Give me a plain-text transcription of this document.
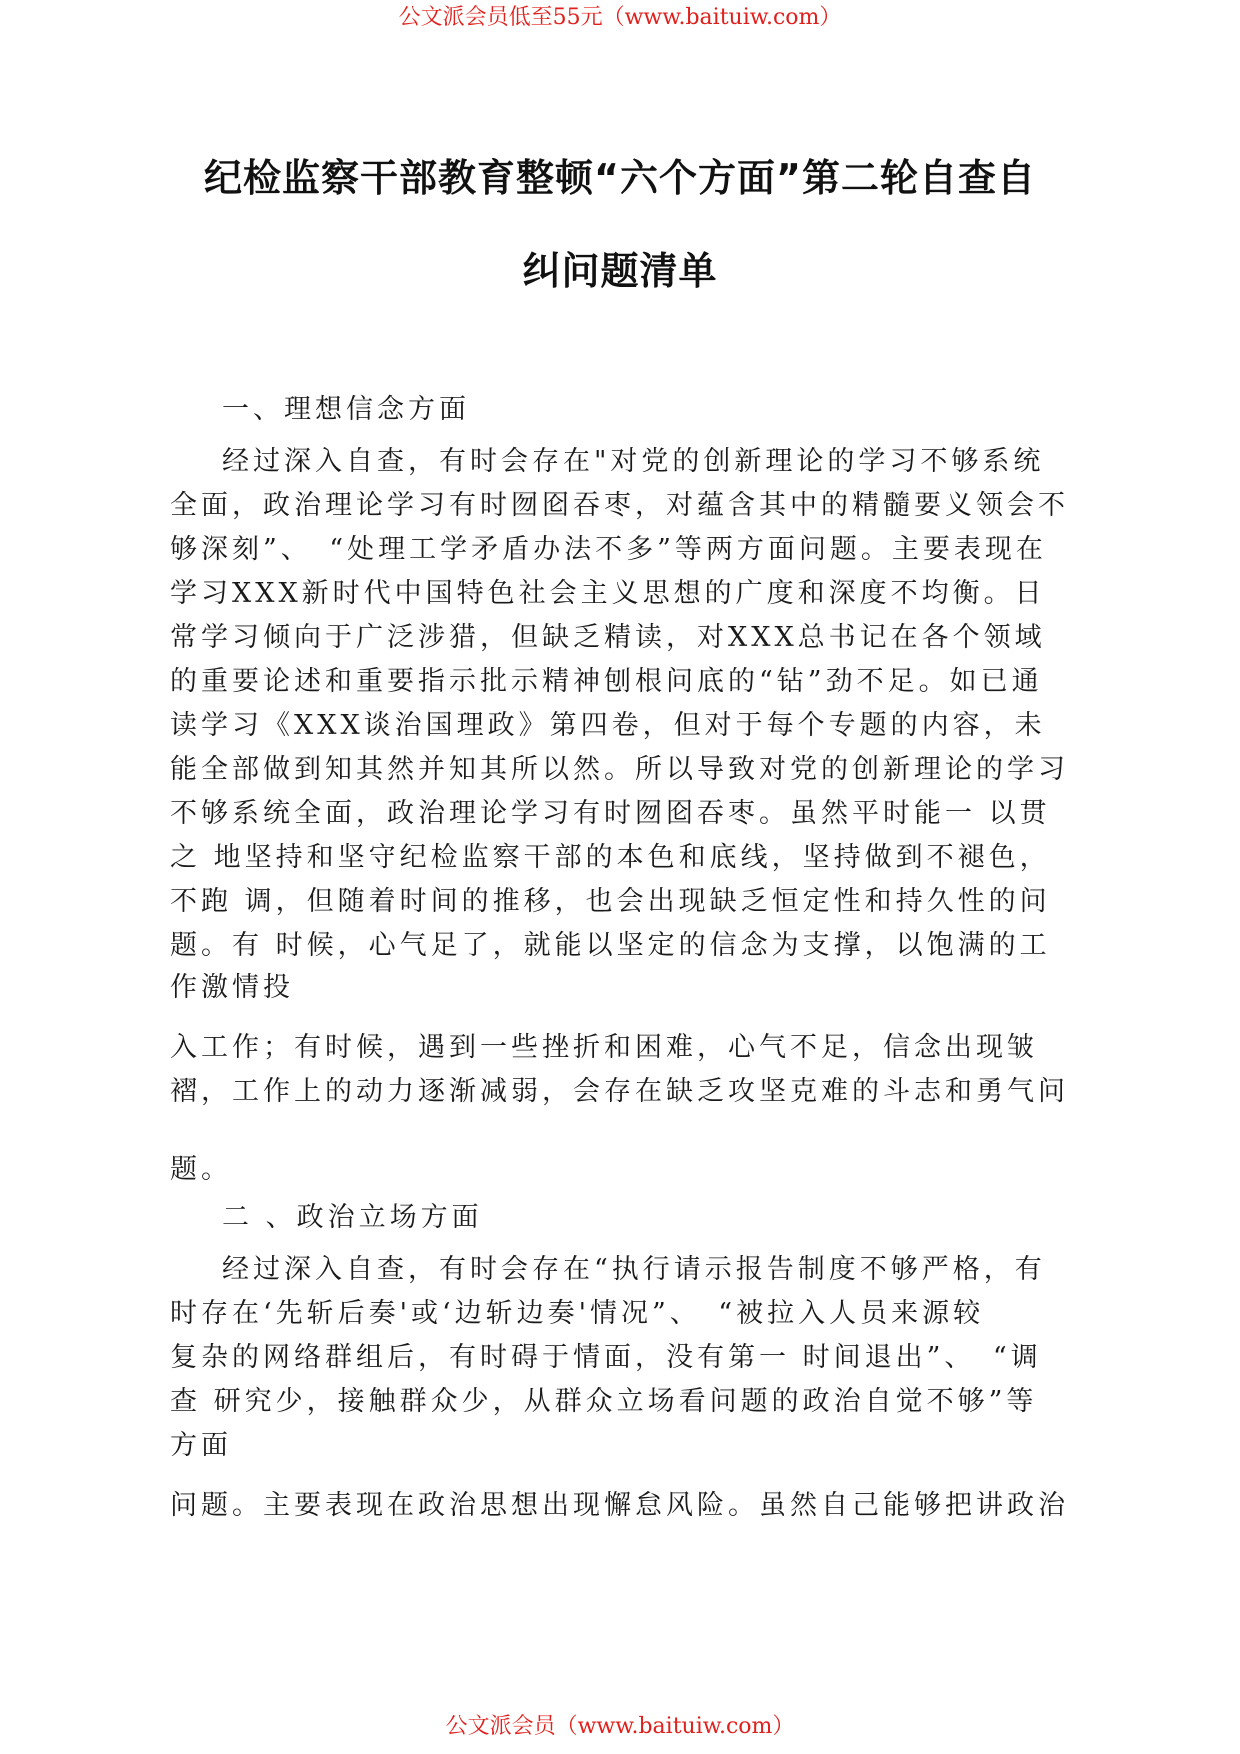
公文派会员低至55元（www.baituiw.com）
纪检监察干部教育整顿“六个方面”第二轮自查自
纠问题清单
一、理想信念方面
经过深入自查，有时会存在"对党的创新理论的学习不够系统
全面，政治理论学习有时囫囵吞枣，对蕴含其中的精髓要义领会不
够深刻”、　“处理工学矛盾办法不多”等两方面问题。主要表现在
学习XXX新时代中国特色社会主义思想的广度和深度不均衡。日
常学习倾向于广泛涉猎，但缺乏精读，对XXX总书记在各个领域
的重要论述和重要指示批示精神刨根问底的“钻”劲不足。如已通
读学习《XXX谈治国理政》第四卷，但对于每个专题的内容，未
能全部做到知其然并知其所以然。所以导致对党的创新理论的学习
不够系统全面，政治理论学习有时囫囵吞枣。虽然平时能一 以贯
之 地坚持和坚守纪检监察干部的本色和底线，坚持做到不褪色，
不跑 调，但随着时间的推移，也会出现缺乏恒定性和持久性的问
题。有 时候，心气足了，就能以坚定的信念为支撑，以饱满的工
作激情投
入工作；有时候，遇到一些挫折和困难，心气不足，信念出现皱
褶，工作上的动力逐渐减弱，会存在缺乏攻坚克难的斗志和勇气问
题。
二 、政治立场方面
经过深入自查，有时会存在“执行请示报告制度不够严格，有
时存在‘先斩后奏'或‘边斩边奏'情况”、　“被拉入人员来源较
复杂的网络群组后，有时碍于情面，没有第一 时间退出”、　“调
查 研究少，接触群众少，从群众立场看问题的政治自觉不够”等
方面
问题。主要表现在政治思想出现懈怠风险。虽然自己能够把讲政治
公文派会员（www.baituiw.com）
